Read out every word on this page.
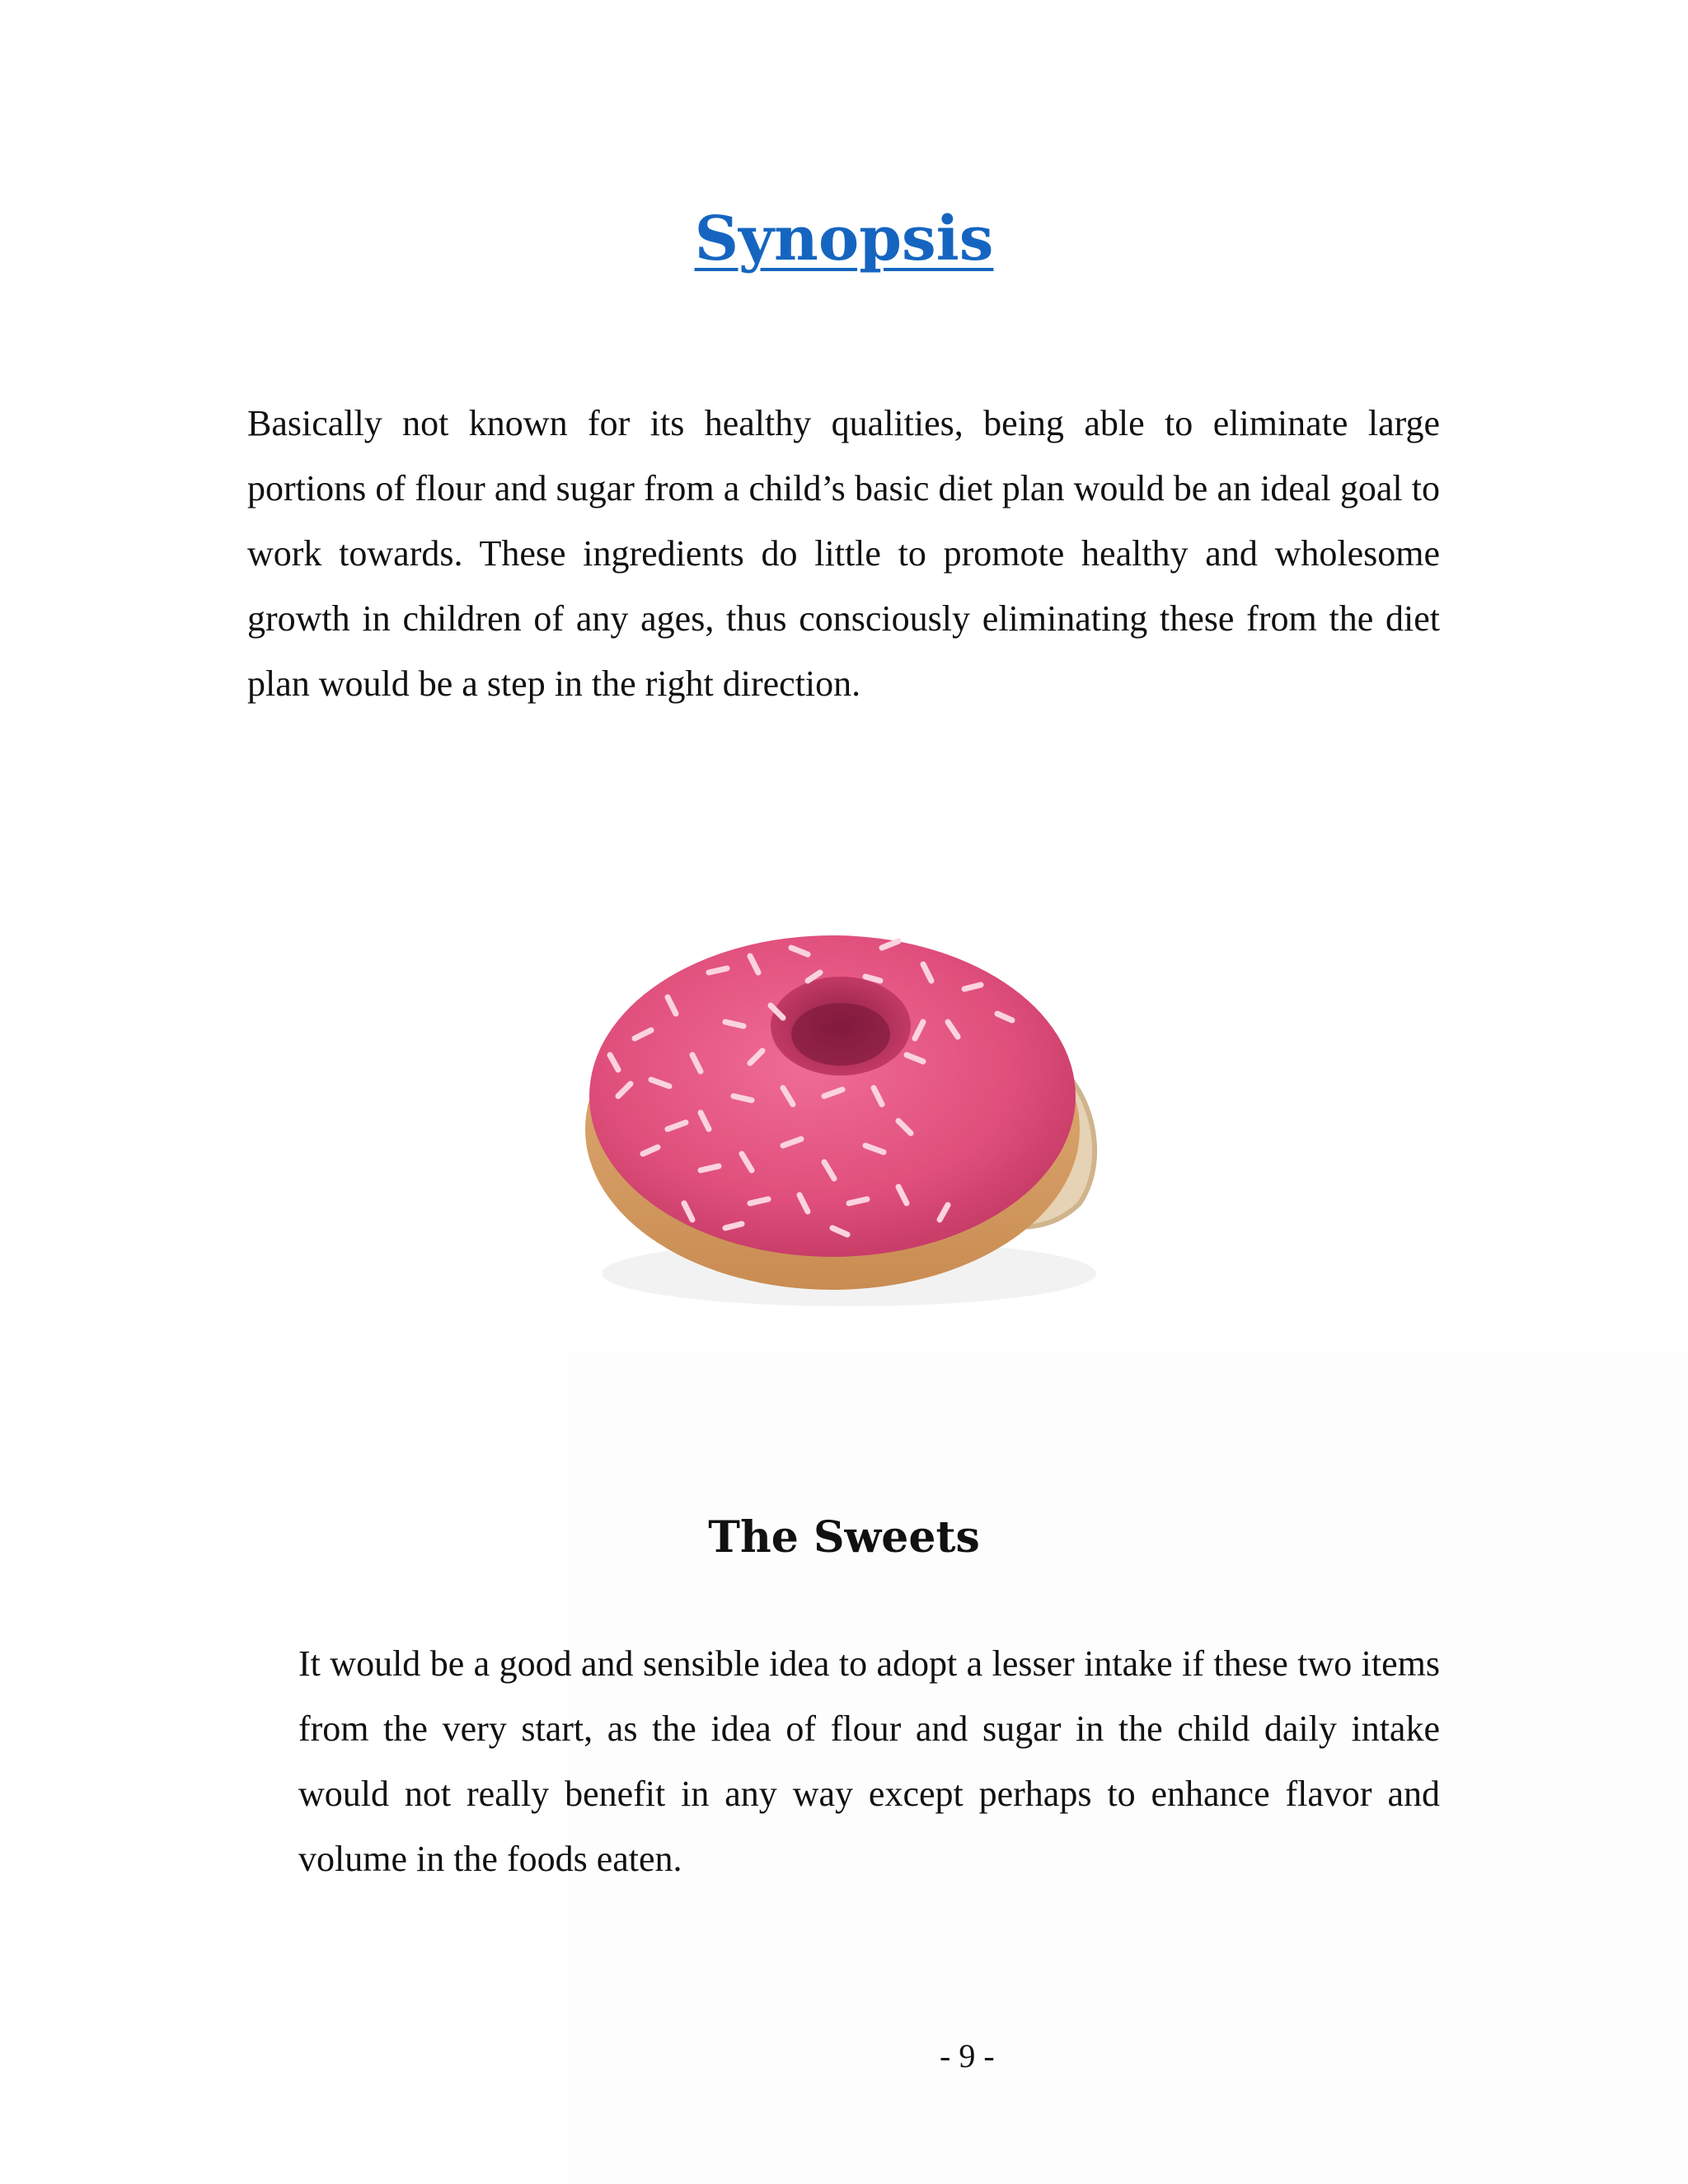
Synopsis

Basically not known for its healthy qualities, being able to eliminate large portions of flour and sugar from a child’s basic diet plan would be an ideal goal to work towards. These ingredients do little to promote healthy and wholesome growth in children of any ages, thus consciously eliminating these from the diet plan would be a step in the right direction.

The Sweets

It would be a good and sensible idea to adopt a lesser intake if these two items from the very start, as the idea of flour and sugar in the child daily intake would not really benefit in any way except perhaps to enhance flavor and volume in the foods eaten.

- 9 -
